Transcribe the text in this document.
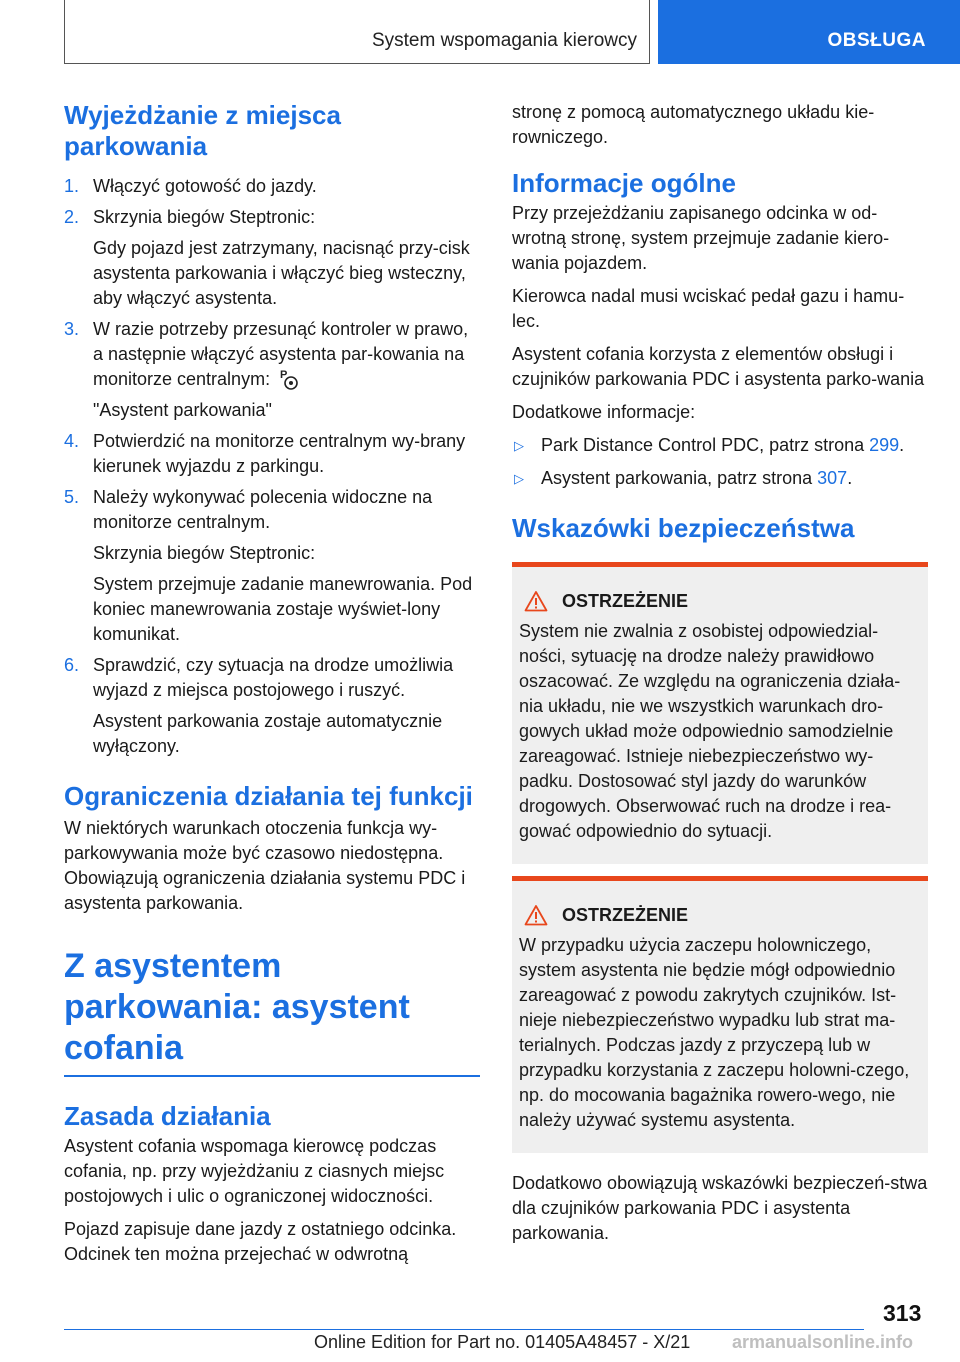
System wspomagania kierowcy	OBSŁUGA
Wyjeżdżanie z miejsca parkowania
1. Włączyć gotowość do jazdy.

2. Skrzynia biegów Steptronic:

Gdy pojazd jest zatrzymany, nacisnąć przy-cisk asystenta parkowania i włączyć bieg wsteczny, aby włączyć asystenta.

3. W razie potrzeby przesunąć kontroler w prawo, a następnie włączyć asystenta par-kowania na monitorze centralnym: P

"Asystent parkowania"

4. Potwierdzić na monitorze centralnym wy-brany kierunek wyjazdu z parkingu.

5. Należy wykonywać polecenia widoczne na monitorze centralnym.

Skrzynia biegów Steptronic:

System przejmuje zadanie manewrowania. Pod koniec manewrowania zostaje wyświet-lony komunikat.

6. Sprawdzić, czy sytuacja na drodze umożliwia wyjazd z miejsca postojowego i ruszyć.

Asystent parkowania zostaje automatycznie wyłączony.

Ograniczenia działania tej funkcji

W niektórych warunkach otoczenia funkcja wy-parkowywania może być czasowo niedostępna. Obowiązują ograniczenia działania systemu PDC i asystenta parkowania.

Z asystentem parkowania: asystent cofania
Zasada działania

Asystent cofania wspomaga kierowcę podczas cofania, np. przy wyjeżdżaniu z ciasnych miejsc postojowych i ulic o ograniczonej widoczności.

Pojazd zapisuje dane jazdy z ostatniego odcinka. Odcinek ten można przejechać w odwrotną

stronę z pomocą automatycznego układu kie-rowniczego.

Informacje ogólne

Przy przejeżdżaniu zapisanego odcinka w od-wrotną stronę, system przejmuje zadanie kiero-wania pojazdem.

Kierowca nadal musi wciskać pedał gazu i hamu-lec.

Asystent cofania korzysta z elementów obsługi i czujników parkowania PDC i asystenta parko-wania

Dodatkowe informacje:

▷ Park Distance Control PDC, patrz strona 299.
▷ Asystent parkowania, patrz strona 307.
Wskazówki bezpieczeństwa
OSTRZEŻENIE

System nie zwalnia z osobistej odpowiedzial-ności, sytuację na drodze należy prawidłowo oszacować. Ze względu na ograniczenia działa-nia układu, nie we wszystkich warunkach dro-gowych układ może odpowiednio samodzielnie zareagować. Istnieje niebezpieczeństwo wy-padku. Dostosować styl jazdy do warunków drogowych. Obserwować ruch na drodze i rea-gować odpowiednio do sytuacji.

OSTRZEŻENIE

W przypadku użycia zaczepu holowniczego, system asystenta nie będzie mógł odpowiednio zareagować z powodu zakrytych czujników. Ist-nieje niebezpieczeństwo wypadku lub strat ma-terialnych. Podczas jazdy z przyczepą lub w przypadku korzystania z zaczepu holowni-czego, np. do mocowania bagażnika rowero-wego, nie należy używać systemu asystenta.

Dodatkowo obowiązują wskazówki bezpieczeń-stwa dla czujników parkowania PDC i asystenta parkowania.

313
Online Edition for Part no. 01405A48457 - X/21 armanualsonline.info
